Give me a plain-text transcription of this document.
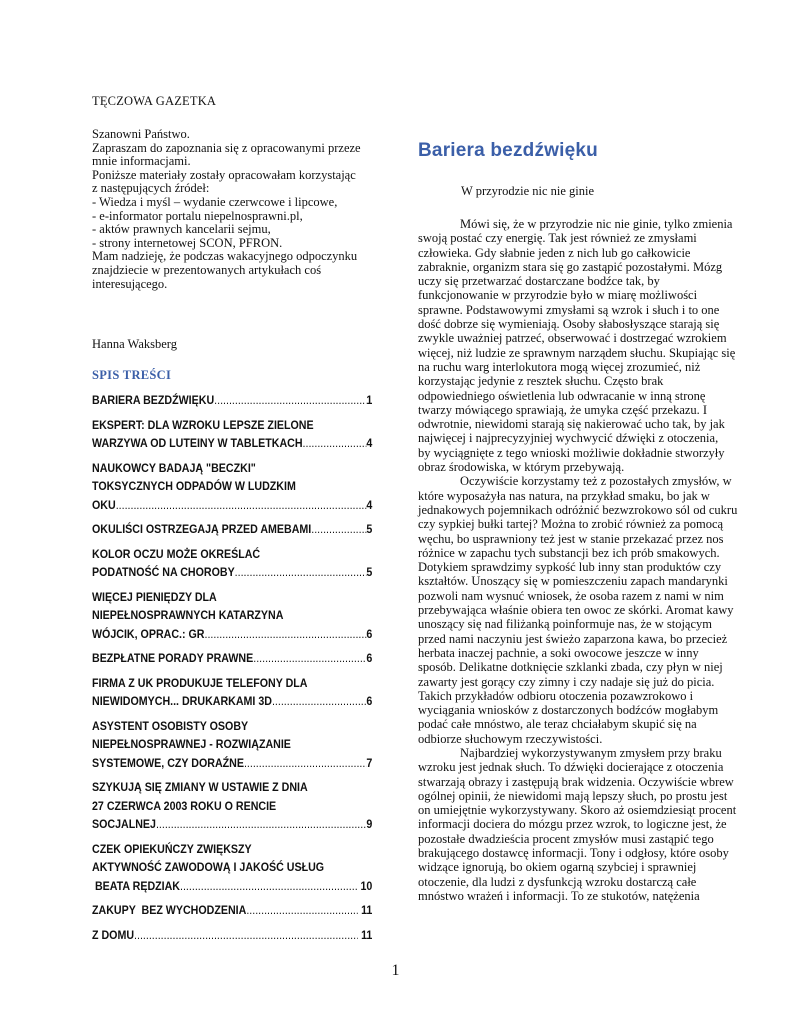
TĘCZOWA GAZETKA

Szanowni Państwo.
Zapraszam do zapoznania się z opracowanymi przeze
mnie informacjami.
Poniższe materiały zostały opracowałam korzystając
z następujących źródeł:
- Wiedza i myśl – wydanie czerwcowe i lipcowe,
- e-informator portalu niepelnosprawni.pl,
- aktów prawnych kancelarii sejmu,
- strony internetowej SCON, PFRON.
Mam nadzieję, że podczas wakacyjnego odpoczynku
znajdziecie w prezentowanych artykułach coś
interesującego.
Hanna Waksberg
SPIS TREŚCI
BARIERA BEZDŹWIĘKU .....	1
EKSPERT: DLA WZROKU LEPSZE ZIELONE
WARZYWA OD LUTEINY W TABLETKACH .....	4
NAUKOWCY BADAJĄ "BECZKI"
TOKSYCZNYCH ODPADÓW W LUDZKIM
OKU .....	4
OKULIŚCI OSTRZEGAJĄ PRZED AMEBAMI .....	5
KOLOR OCZU MOŻE OKREŚLAĆ
PODATNOŚĆ NA CHOROBY .....	5
WIĘCEJ PIENIĘDZY DLA
NIEPEŁNOSPRAWNYCH KATARZYNA
WÓJCIK, OPRAC.: GR .....	6
BEZPŁATNE PORADY PRAWNE .....	6
FIRMA Z UK PRODUKUJE TELEFONY DLA
NIEWIDOMYCH... DRUKARKAMI 3D .....	6
ASYSTENT OSOBISTY OSOBY
NIEPEŁNOSPRAWNEJ - ROZWIĄZANIE
SYSTEMOWE, CZY DORAŹNE .....	7
SZYKUJĄ SIĘ ZMIANY W USTAWIE Z DNIA
27 CZERWCA 2003 ROKU O RENCIE
SOCJALNEJ .....	9
CZEK OPIEKUŃCZY ZWIĘKSZY
AKTYWNOŚĆ ZAWODOWĄ I JAKOŚĆ USŁUG
BEATA RĘDZIAK .....	10
ZAKUPY  BEZ WYCHODZENIA .....	11
Z DOMU .....	11
Bariera bezdźwięku
W przyrodzie nic nie ginie
Mówi się, że w przyrodzie nic nie ginie, tylko zmienia
swoją postać czy energię. Tak jest również ze zmysłami
człowieka. Gdy słabnie jeden z nich lub go całkowicie
zabraknie, organizm stara się go zastąpić pozostałymi. Mózg
uczy się przetwarzać dostarczane bodźce tak, by
funkcjonowanie w przyrodzie było w miarę możliwości
sprawne. Podstawowymi zmysłami są wzrok i słuch i to one
dość dobrze się wymieniają. Osoby słabosłyszące starają się
zwykle uważniej patrzeć, obserwować i dostrzegać wzrokiem
więcej, niż ludzie ze sprawnym narządem słuchu. Skupiając się
na ruchu warg interlokutora mogą więcej zrozumieć, niż
korzystając jedynie z resztek słuchu. Często brak
odpowiedniego oświetlenia lub odwracanie w inną stronę
twarzy mówiącego sprawiają, że umyka część przekazu. I
odwrotnie, niewidomi starają się nakierować ucho tak, by jak
najwięcej i najprecyzyjniej wychwycić dźwięki z otoczenia,
by wyciągnięte z tego wnioski możliwie dokładnie stworzyły
obraz środowiska, w którym przebywają.
Oczywiście korzystamy też z pozostałych zmysłów, w
które wyposażyła nas natura, na przykład smaku, bo jak w
jednakowych pojemnikach odróżnić bezwzrokowo sól od cukru
czy sypkiej bułki tartej? Można to zrobić również za pomocą
węchu, bo usprawniony też jest w stanie przekazać przez nos
różnice w zapachu tych substancji bez ich prób smakowych.
Dotykiem sprawdzimy sypkość lub inny stan produktów czy
kształtów. Unoszący się w pomieszczeniu zapach mandarynki
pozwoli nam wysnuć wniosek, że osoba razem z nami w nim
przebywająca właśnie obiera ten owoc ze skórki. Aromat kawy
unoszący się nad filiżanką poinformuje nas, że w stojącym
przed nami naczyniu jest świeżo zaparzona kawa, bo przecież
herbata inaczej pachnie, a soki owocowe jeszcze w inny
sposób. Delikatne dotknięcie szklanki zbada, czy płyn w niej
zawarty jest gorący czy zimny i czy nadaje się już do picia.
Takich przykładów odbioru otoczenia pozawzrokowo i
wyciągania wniosków z dostarczonych bodźców mogłabym
podać całe mnóstwo, ale teraz chciałabym skupić się na
odbiorze słuchowym rzeczywistości.
Najbardziej wykorzystywanym zmysłem przy braku
wzroku jest jednak słuch. To dźwięki docierające z otoczenia
stwarzają obrazy i zastępują brak widzenia. Oczywiście wbrew
ogólnej opinii, że niewidomi mają lepszy słuch, po prostu jest
on umiejętnie wykorzystywany. Skoro aż osiemdziesiąt procent
informacji dociera do mózgu przez wzrok, to logiczne jest, że
pozostałe dwadzieścia procent zmysłów musi zastąpić tego
brakującego dostawcę informacji. Tony i odgłosy, które osoby
widzące ignorują, bo okiem ogarną szybciej i sprawniej
otoczenie, dla ludzi z dysfunkcją wzroku dostarczą całe
mnóstwo wrażeń i informacji. To ze stukotów, natężenia
1
